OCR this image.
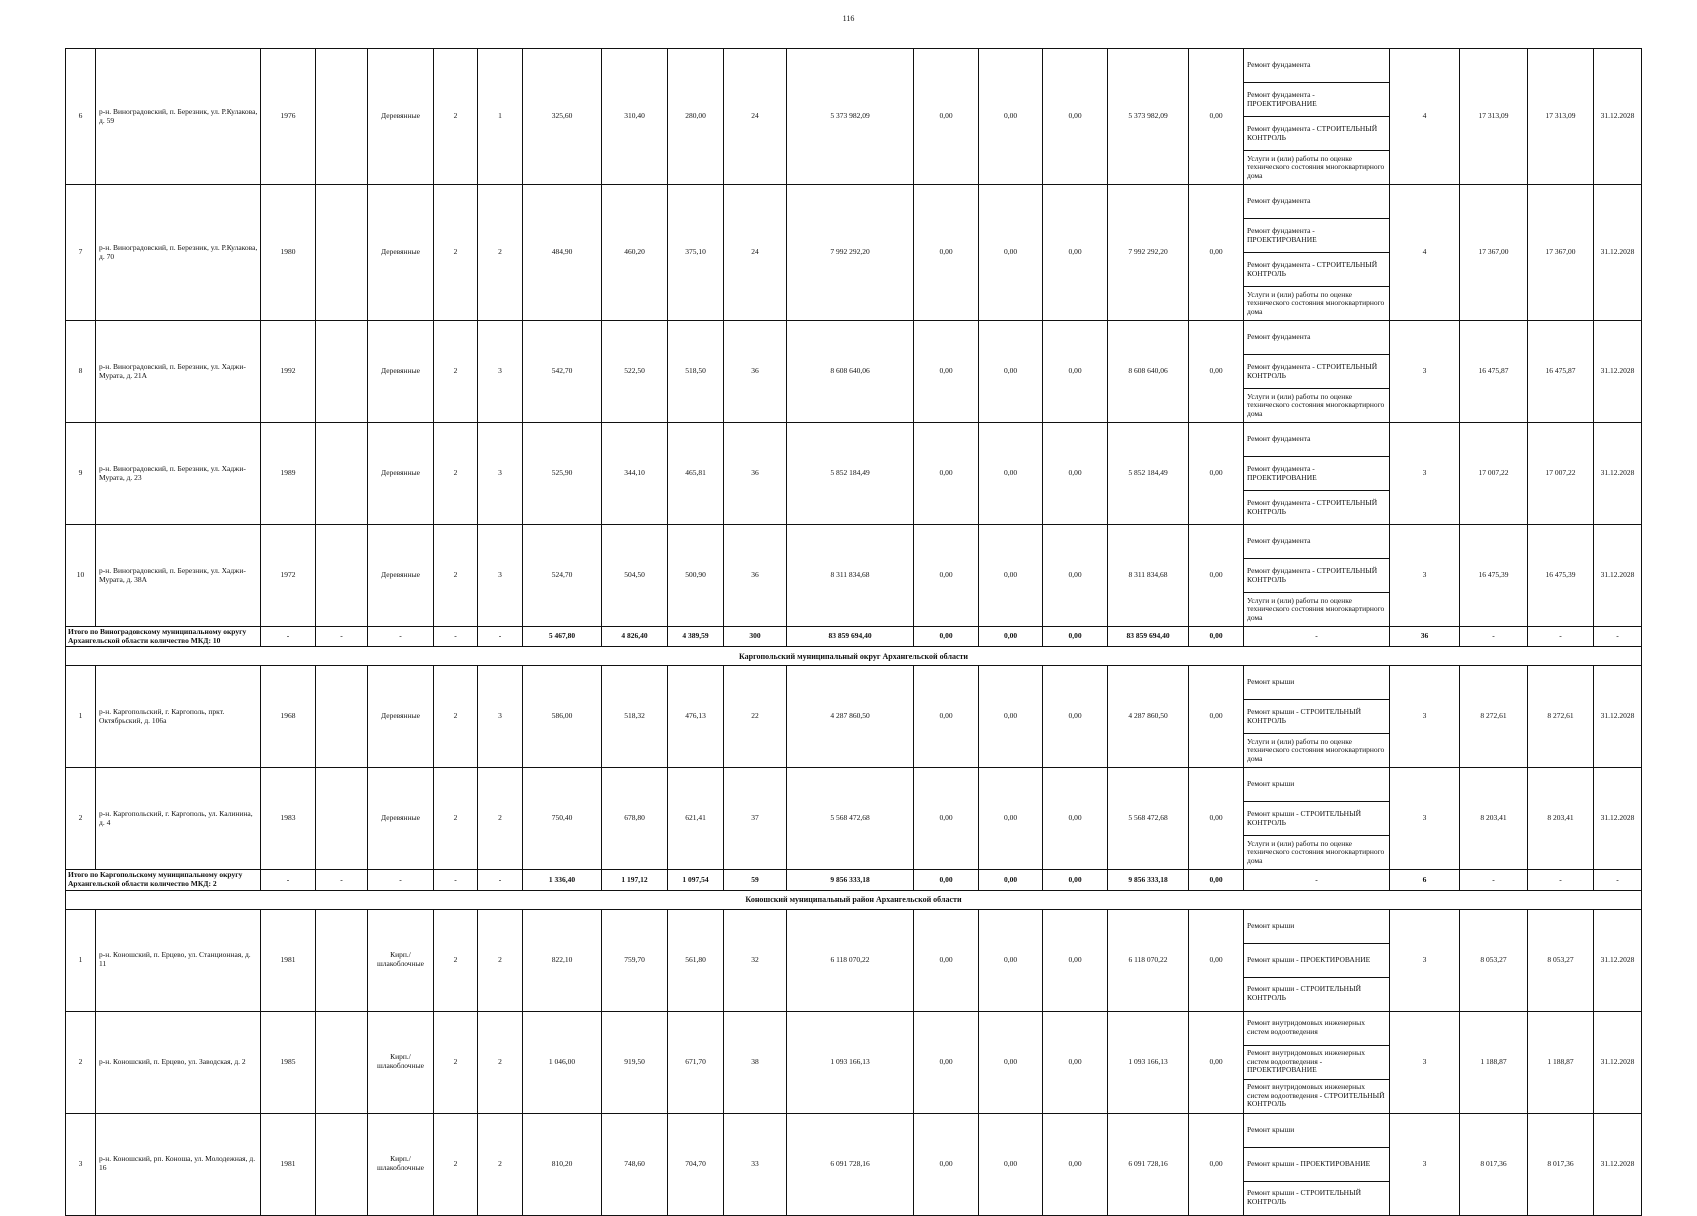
116
6	р-н. Виноградовский, п. Березник, ул. Р.Кулакова, д. 59	1976		Деревянные	2	1	325,60	310,40	280,00	24	5 373 982,09	0,00	0,00	0,00	5 373 982,09	0,00	Ремонт фундамента	4	17 313,09	17 313,09	31.12.2028
																	Ремонт фундамента - ПРОЕКТИРОВАНИЕ				
																	Ремонт фундамента - СТРОИТЕЛЬНЫЙ КОНТРОЛЬ				
																	Услуги и (или) работы по оценке технического состояния многоквартирного дома				
7	р-н. Виноградовский, п. Березник, ул. Р.Кулакова, д. 70	1980		Деревянные	2	2	484,90	460,20	375,10	24	7 992 292,20	0,00	0,00	0,00	7 992 292,20	0,00	Ремонт фундамента	4	17 367,00	17 367,00	31.12.2028
																	Ремонт фундамента - ПРОЕКТИРОВАНИЕ				
																	Ремонт фундамента - СТРОИТЕЛЬНЫЙ КОНТРОЛЬ				
																	Услуги и (или) работы по оценке технического состояния многоквартирного дома				
8	р-н. Виноградовский, п. Березник, ул. Хаджи-Мурата, д. 21А	1992		Деревянные	2	3	542,70	522,50	518,50	36	8 608 640,06	0,00	0,00	0,00	8 608 640,06	0,00	Ремонт фундамента	3	16 475,87	16 475,87	31.12.2028
																	Ремонт фундамента - СТРОИТЕЛЬНЫЙ КОНТРОЛЬ				
																	Услуги и (или) работы по оценке технического состояния многоквартирного дома				
9	р-н. Виноградовский, п. Березник, ул. Хаджи-Мурата, д. 23	1989		Деревянные	2	3	525,90	344,10	465,81	36	5 852 184,49	0,00	0,00	0,00	5 852 184,49	0,00	Ремонт фундамента	3	17 007,22	17 007,22	31.12.2028
																	Ремонт фундамента - ПРОЕКТИРОВАНИЕ				
																	Ремонт фундамента - СТРОИТЕЛЬНЫЙ КОНТРОЛЬ				
10	р-н. Виноградовский, п. Березник, ул. Хаджи-Мурата, д. 38А	1972		Деревянные	2	3	524,70	504,50	500,90	36	8 311 834,68	0,00	0,00	0,00	8 311 834,68	0,00	Ремонт фундамента	3	16 475,39	16 475,39	31.12.2028
																	Ремонт фундамента - СТРОИТЕЛЬНЫЙ КОНТРОЛЬ				
																	Услуги и (или) работы по оценке технического состояния многоквартирного дома				
Итого по Виноградовскому муниципальному округу Архангельской области количество МКД: 10		-	-	-	-	-	5 467,80	4 826,40	4 389,59	300	83 859 694,40	0,00	0,00	0,00	83 859 694,40	0,00	-	36	-	-	-
Каргопольский муниципальный округ Архангельской области																					
1	р-н. Каргопольский, г. Каргополь, пркт. Октябрьский, д. 106а	1968		Деревянные	2	3	586,00	518,32	476,13	22	4 287 860,50	0,00	0,00	0,00	4 287 860,50	0,00	Ремонт крыши	3	8 272,61	8 272,61	31.12.2028
																	Ремонт крыши - СТРОИТЕЛЬНЫЙ КОНТРОЛЬ				
																	Услуги и (или) работы по оценке технического состояния многоквартирного дома				
2	р-н. Каргопольский, г. Каргополь, ул. Калинина, д. 4	1983		Деревянные	2	2	750,40	678,80	621,41	37	5 568 472,68	0,00	0,00	0,00	5 568 472,68	0,00	Ремонт крыши	3	8 203,41	8 203,41	31.12.2028
																	Ремонт крыши - СТРОИТЕЛЬНЫЙ КОНТРОЛЬ				
																	Услуги и (или) работы по оценке технического состояния многоквартирного дома				
Итого по Каргопольскому муниципальному округу Архангельской области количество МКД: 2		-	-	-	-	-	1 336,40	1 197,12	1 097,54	59	9 856 333,18	0,00	0,00	0,00	9 856 333,18	0,00	-	6	-	-	-
Коношский муниципальный район Архангельской области																					
1	р-н. Коношский, п. Ерцево, ул. Станционная, д. 11	1981		Кирп./ шлакоблочные	2	2	822,10	759,70	561,80	32	6 118 070,22	0,00	0,00	0,00	6 118 070,22	0,00	Ремонт крыши	3	8 053,27	8 053,27	31.12.2028
																	Ремонт крыши - ПРОЕКТИРОВАНИЕ				
																	Ремонт крыши - СТРОИТЕЛЬНЫЙ КОНТРОЛЬ				
2	р-н. Коношский, п. Ерцево, ул. Заводская, д. 2	1985		Кирп./ шлакоблочные	2	2	1 046,00	919,50	671,70	38	1 093 166,13	0,00	0,00	0,00	1 093 166,13	0,00	Ремонт внутридомовых инженерных систем водоотведения	3	1 188,87	1 188,87	31.12.2028
																	Ремонт внутридомовых инженерных систем водоотведения - ПРОЕКТИРОВАНИЕ				
																	Ремонт внутридомовых инженерных систем водоотведения - СТРОИТЕЛЬНЫЙ КОНТРОЛЬ				
3	р-н. Коношский, рп. Коноша, ул. Молодежная, д. 16	1981		Кирп./ шлакоблочные	2	2	810,20	748,60	704,70	33	6 091 728,16	0,00	0,00	0,00	6 091 728,16	0,00	Ремонт крыши	3	8 017,36	8 017,36	31.12.2028
																	Ремонт крыши - ПРОЕКТИРОВАНИЕ				
																	Ремонт крыши - СТРОИТЕЛЬНЫЙ КОНТРОЛЬ				
